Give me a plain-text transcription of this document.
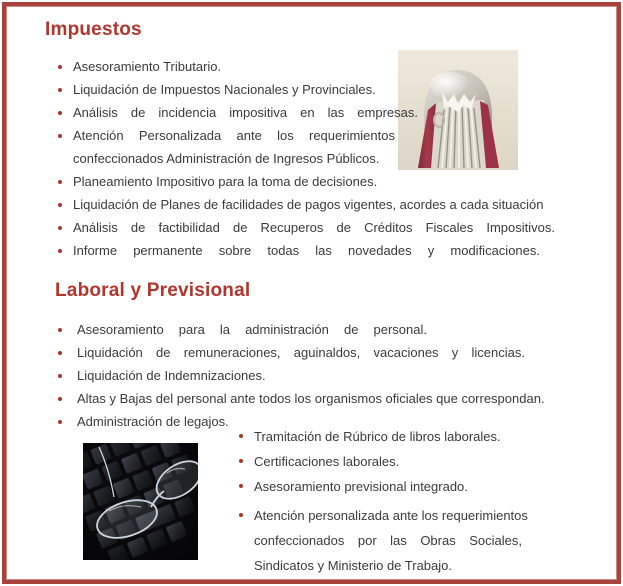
Impuestos
Asesoramiento Tributario.
Liquidación de Impuestos Nacionales y Provinciales.
Análisis de incidencia impositiva en las empresas.
Atención Personalizada ante los requerimientos
confeccionados Administración de Ingresos Públicos.
Planeamiento Impositivo para la toma de decisiones.
Liquidación de Planes de facilidades de pagos vigentes, acordes a cada situación
Análisis de factibilidad de Recuperos de Créditos Fiscales Impositivos.
Informe permanente sobre todas las novedades y modificaciones.
Laboral y Previsional
Asesoramiento para la administración de personal.
Liquidación de remuneraciones, aguinaldos, vacaciones y licencias.
Liquidación de Indemnizaciones.
Altas y Bajas del personal ante todos los organismos oficiales que correspondan.
Administración de legajos.
Tramitación de Rúbrico de libros laborales.
Certificaciones laborales.
Asesoramiento previsional integrado.
Atención personalizada ante los requerimientos
confeccionados por las Obras Sociales,
Sindicatos y Ministerio de Trabajo.
